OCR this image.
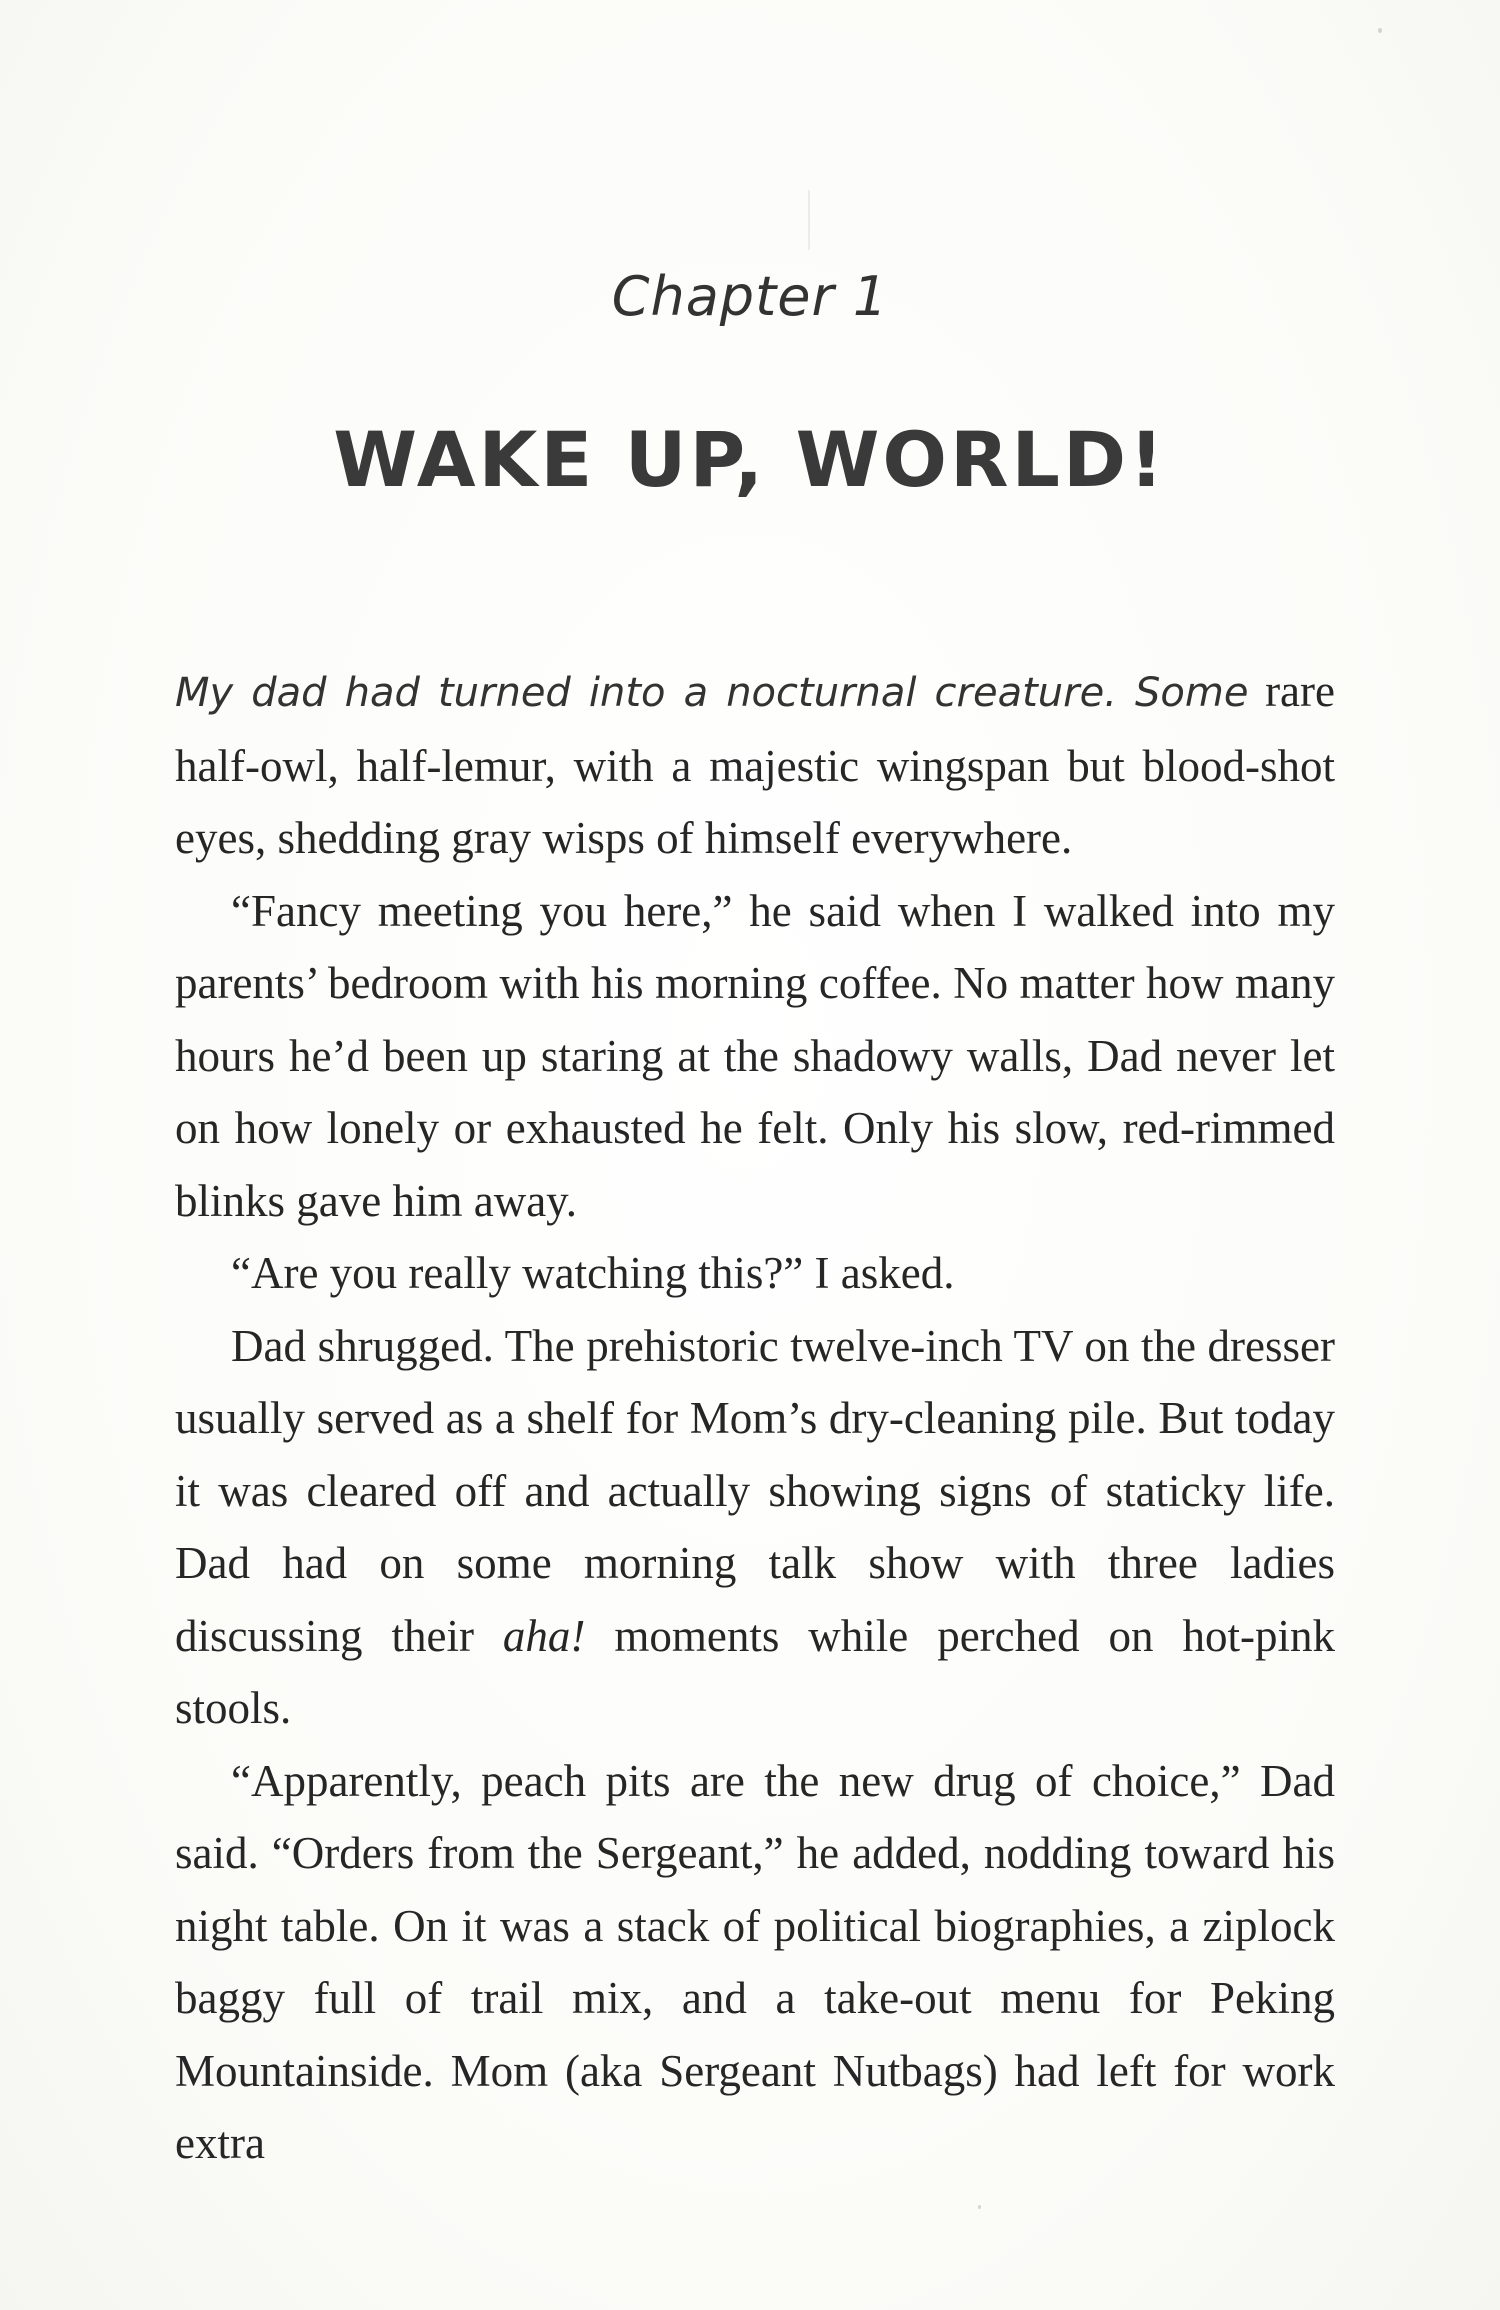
Chapter 1
WAKE UP, WORLD!

My dad had turned into a nocturnal creature. Some rare half-owl, half-lemur, with a majestic wingspan but blood-shot eyes, shedding gray wisps of himself everywhere.

“Fancy meeting you here,” he said when I walked into my parents’ bedroom with his morning coffee. No matter how many hours he’d been up staring at the shadowy walls, Dad never let on how lonely or exhausted he felt. Only his slow, red-rimmed blinks gave him away.

“Are you really watching this?” I asked.

Dad shrugged. The prehistoric twelve-inch TV on the dresser usually served as a shelf for Mom’s dry-cleaning pile. But today it was cleared off and actually showing signs of staticky life. Dad had on some morning talk show with three ladies discussing their aha! moments while perched on hot-pink stools.

“Apparently, peach pits are the new drug of choice,” Dad said. “Orders from the Sergeant,” he added, nodding toward his night table. On it was a stack of political biographies, a ziplock baggy full of trail mix, and a take-out menu for Peking Mountainside. Mom (aka Sergeant Nutbags) had left for work extra
